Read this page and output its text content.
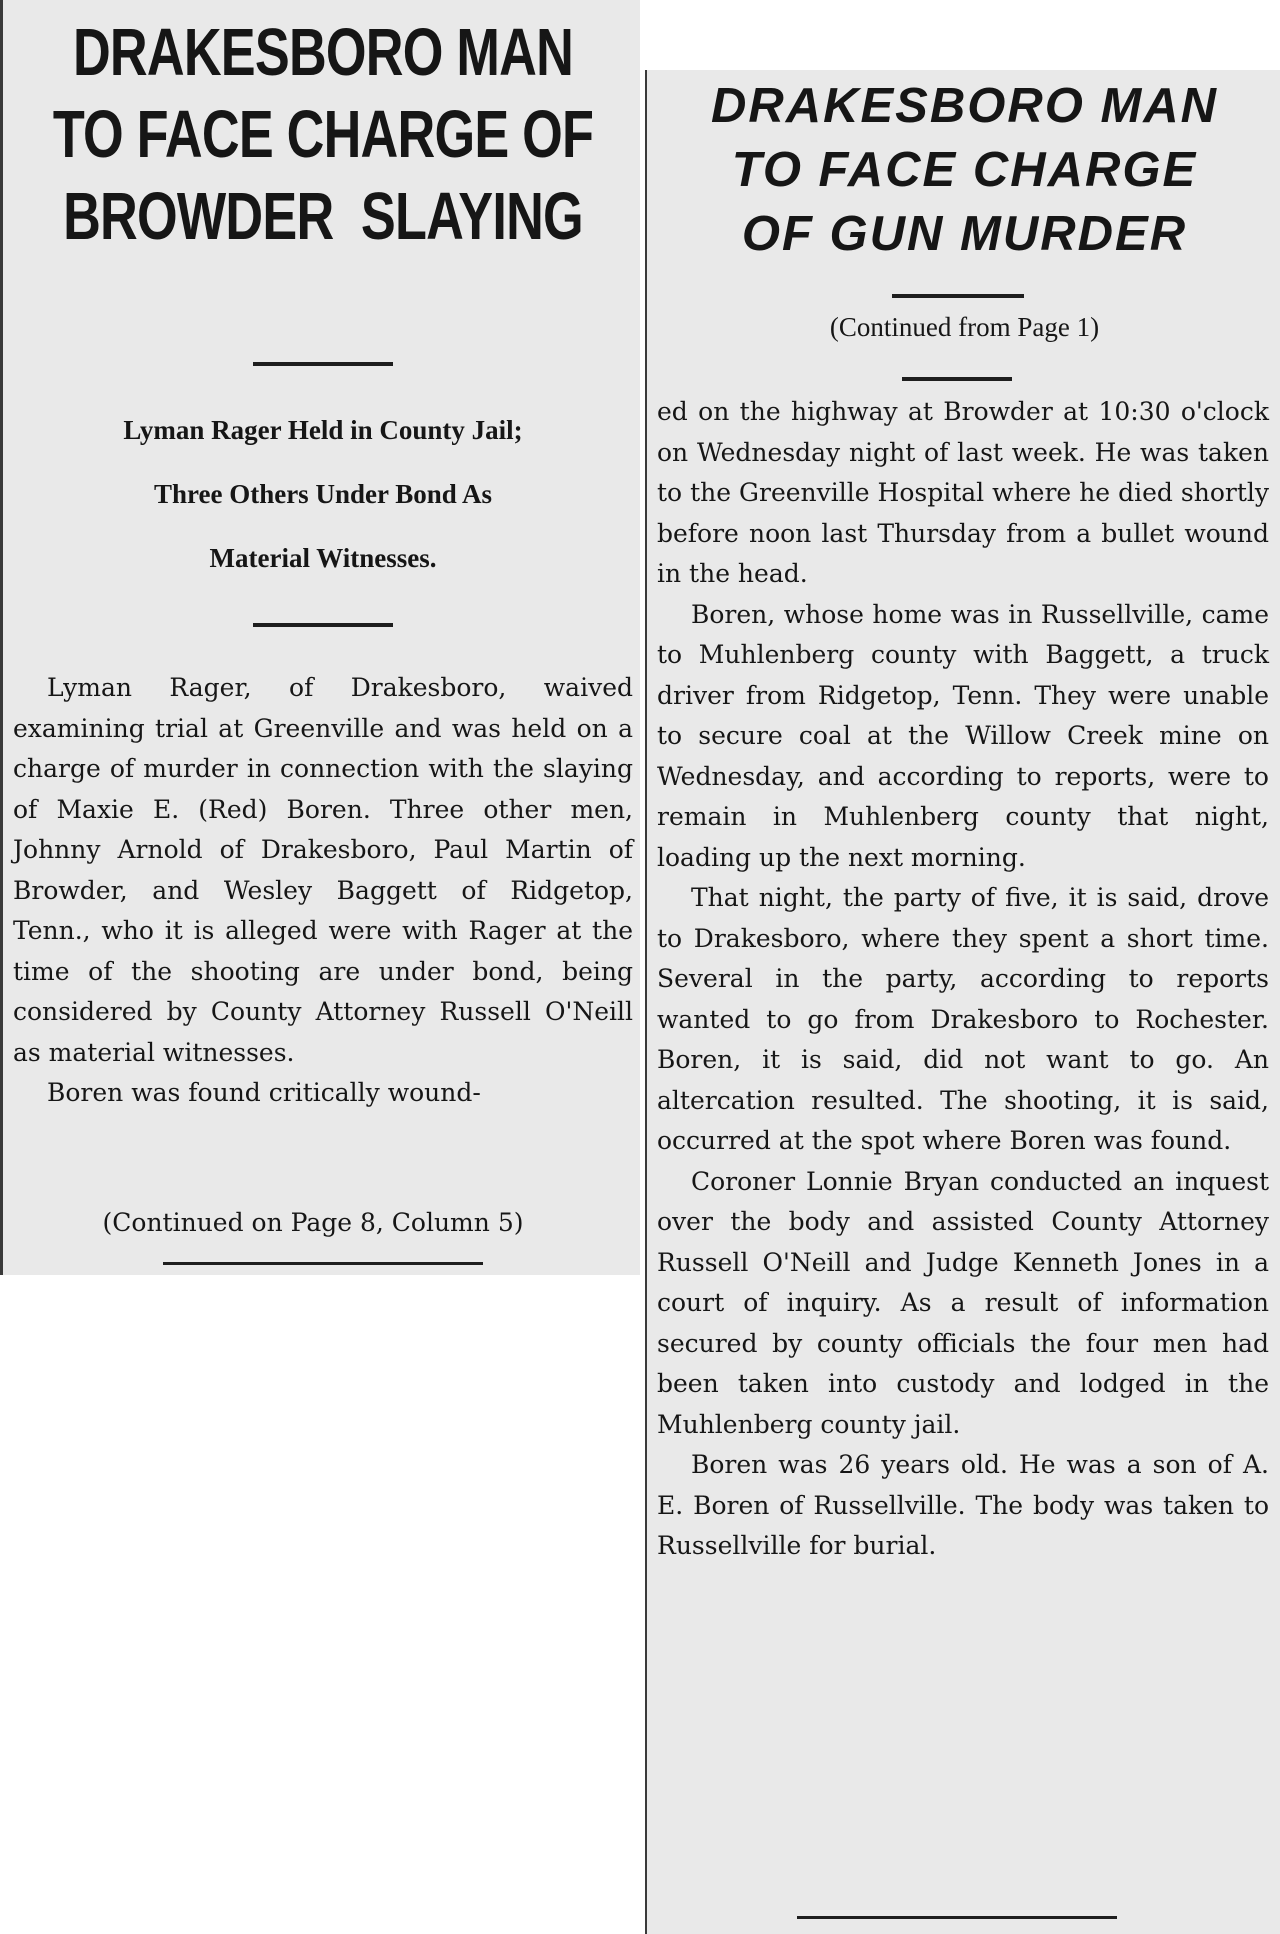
DRAKESBORO MAN
TO FACE CHARGE OF
BROWDER  SLAYING
Lyman Rager Held in County Jail;
Three Others Under Bond As
Material Witnesses.

Lyman Rager, of Drakesboro, waived examining trial at Greenville and was held on a charge of murder in connection with the slaying of Maxie E. (Red) Boren. Three other men, Johnny Arnold of Drakesboro, Paul Martin of Browder, and Wesley Baggett of Ridgetop, Tenn., who it is alleged were with Rager at the time of the shooting are under bond, being considered by County Attorney Russell O'Neill as material witnesses.

Boren was found critically wound-

(Continued on Page 8, Column 5)

DRAKESBORO MAN
TO FACE CHARGE
OF GUN MURDER

(Continued from Page 1)

ed on the highway at Browder at 10:30 o'clock on Wednesday night of last week. He was taken to the Greenville Hospital where he died shortly before noon last Thursday from a bullet wound in the head.

Boren, whose home was in Russellville, came to Muhlenberg county with Baggett, a truck driver from Ridgetop, Tenn. They were unable to secure coal at the Willow Creek mine on Wednesday, and according to reports, were to remain in Muhlenberg county that night, loading up the next morning.

That night, the party of five, it is said, drove to Drakesboro, where they spent a short time. Several in the party, according to reports wanted to go from Drakesboro to Rochester. Boren, it is said, did not want to go. An altercation resulted. The shooting, it is said, occurred at the spot where Boren was found.

Coroner Lonnie Bryan conducted an inquest over the body and assisted County Attorney Russell O'Neill and Judge Kenneth Jones in a court of inquiry. As a result of information secured by county officials the four men had been taken into custody and lodged in the Muhlenberg county jail.

Boren was 26 years old. He was a son of A. E. Boren of Russellville. The body was taken to Russellville for burial.
